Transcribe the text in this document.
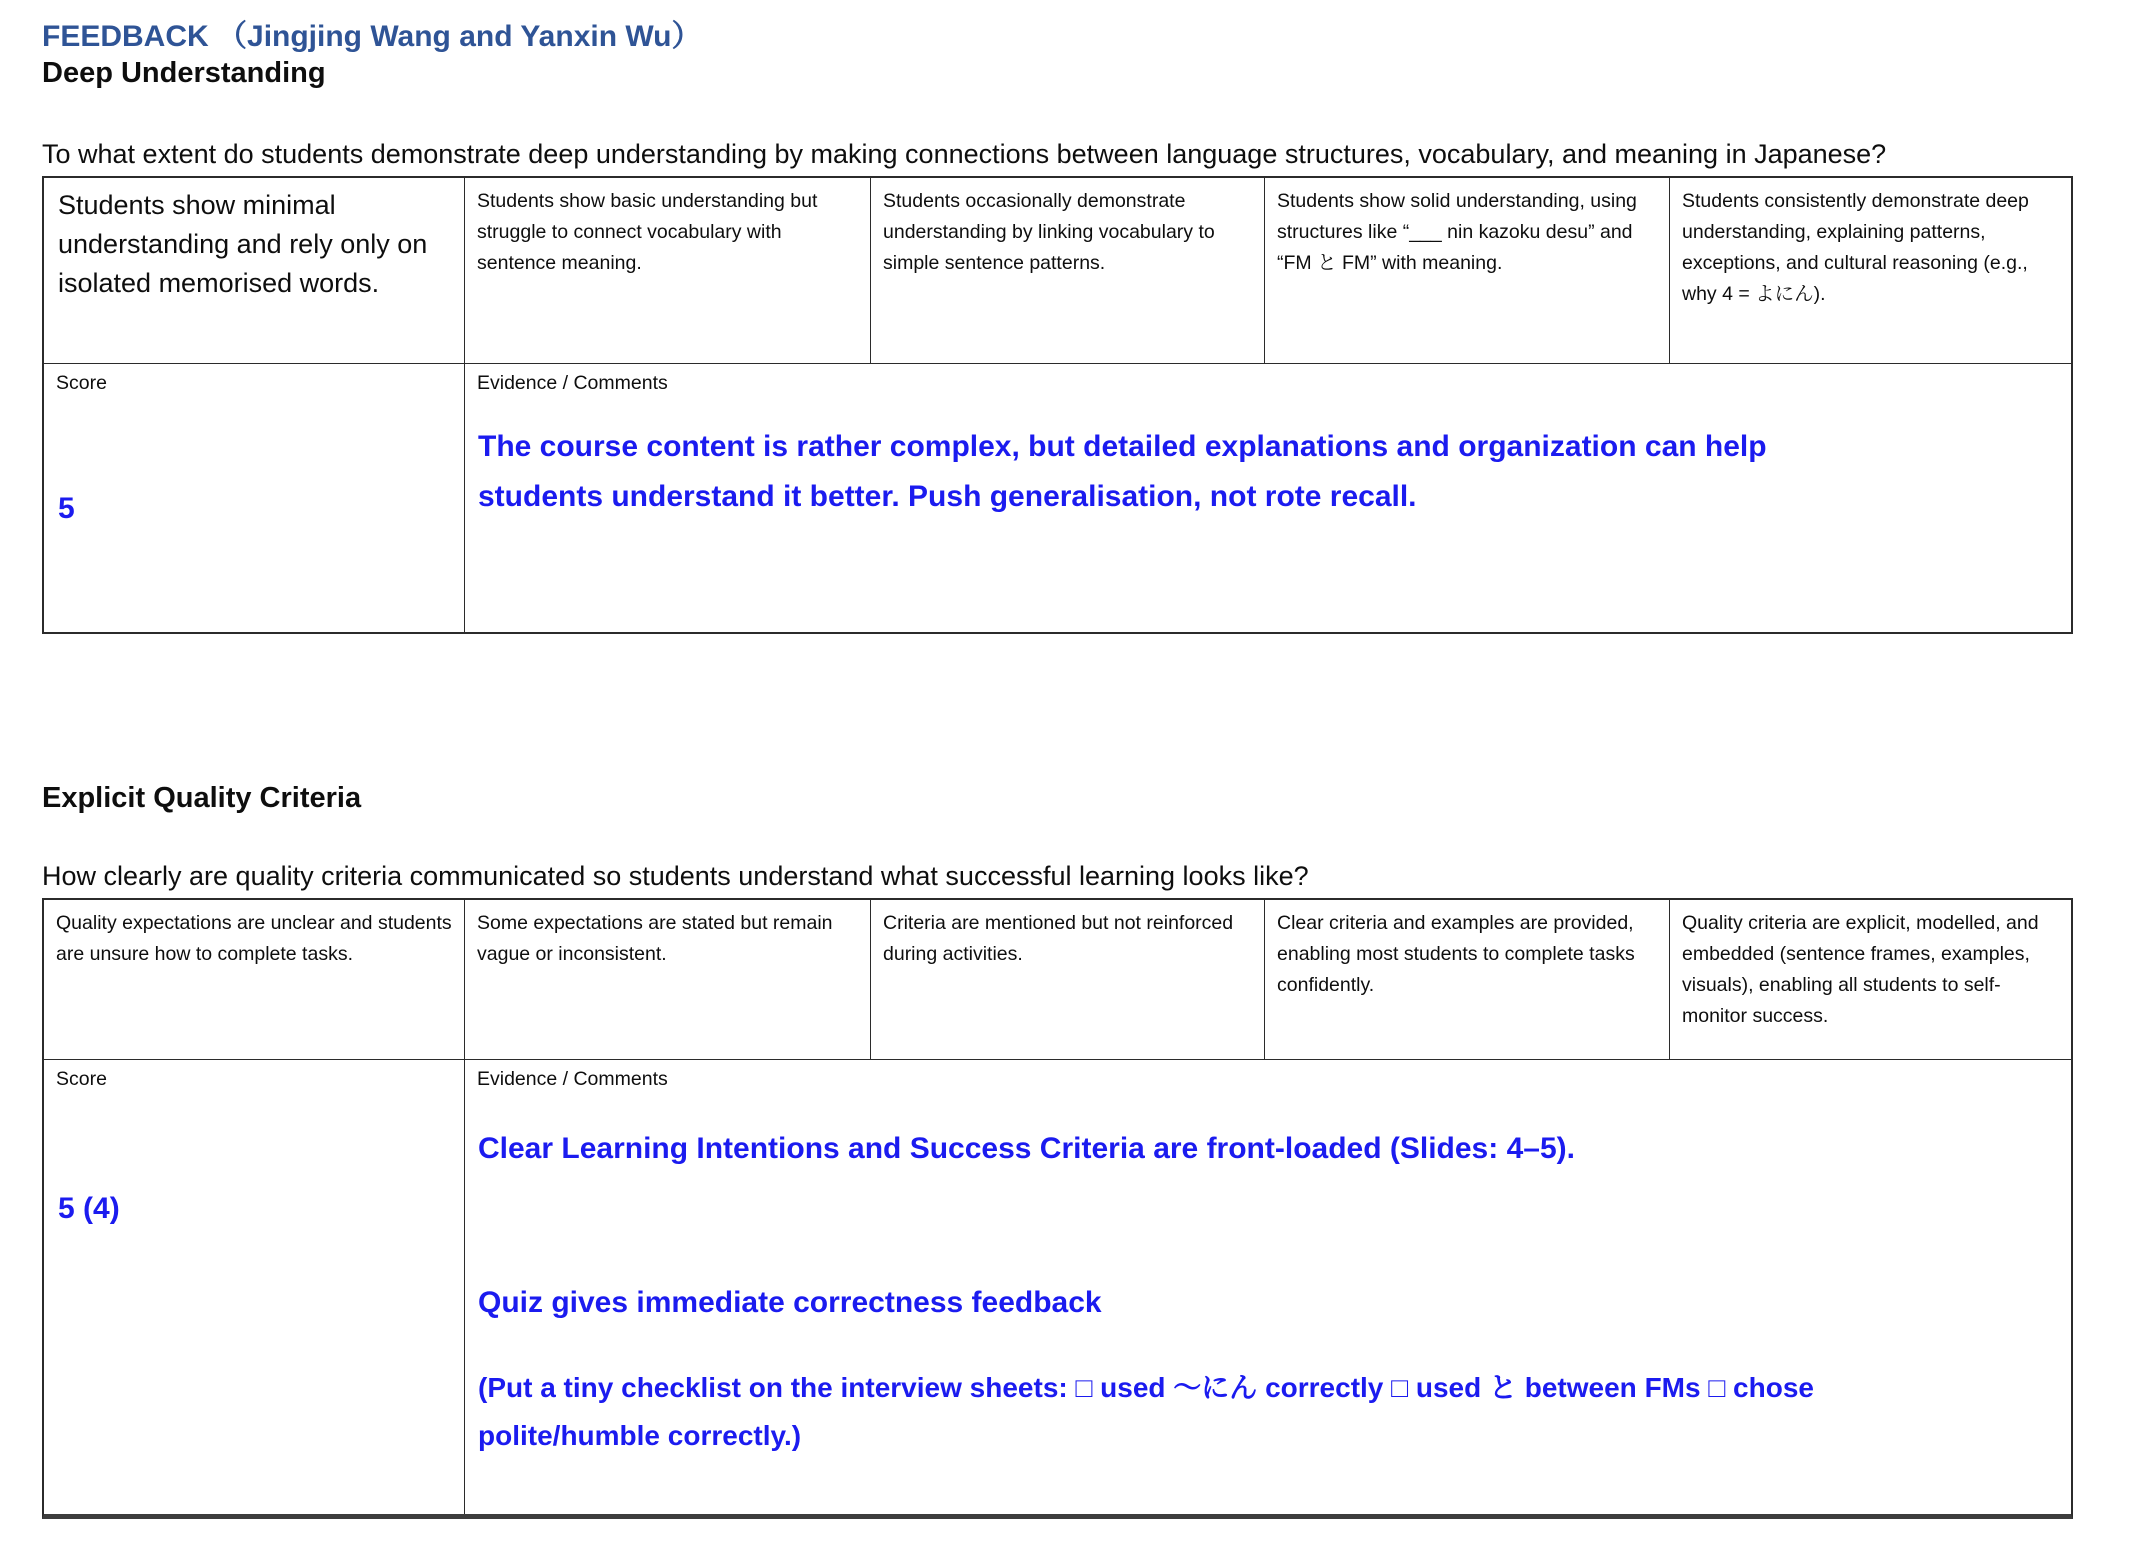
FEEDBACK （Jingjing Wang and Yanxin Wu）
Deep Understanding
To what extent do students demonstrate deep understanding by making connections between language structures, vocabulary, and meaning in Japanese?
Students show minimal understanding and rely only on isolated memorised words.
Students show basic understanding but struggle to connect vocabulary with sentence meaning.
Students occasionally demonstrate understanding by linking vocabulary to simple sentence patterns.
Students show solid understanding, using structures like “___ nin kazoku desu” and “FM と FM” with meaning.
Students consistently demonstrate deep understanding, explaining patterns, exceptions, and cultural reasoning (e.g., why 4 = よにん).
Score
5
Evidence / Comments
The course content is rather complex, but detailed explanations and organization can help
students understand it better. Push generalisation, not rote recall.
Explicit Quality Criteria
How clearly are quality criteria communicated so students understand what successful learning looks like?
Quality expectations are unclear and students are unsure how to complete tasks.
Some expectations are stated but remain vague or inconsistent.
Criteria are mentioned but not reinforced during activities.
Clear criteria and examples are provided, enabling most students to complete tasks confidently.
Quality criteria are explicit, modelled, and embedded (sentence frames, examples, visuals), enabling all students to self-monitor success.
Score
5 (4)
Evidence / Comments
Clear Learning Intentions and Success Criteria are front-loaded (Slides: 4–5).
Quiz gives immediate correctness feedback
(Put a tiny checklist on the interview sheets: □ used 〜にん correctly □ used と between FMs □ chose
polite/humble correctly.)
